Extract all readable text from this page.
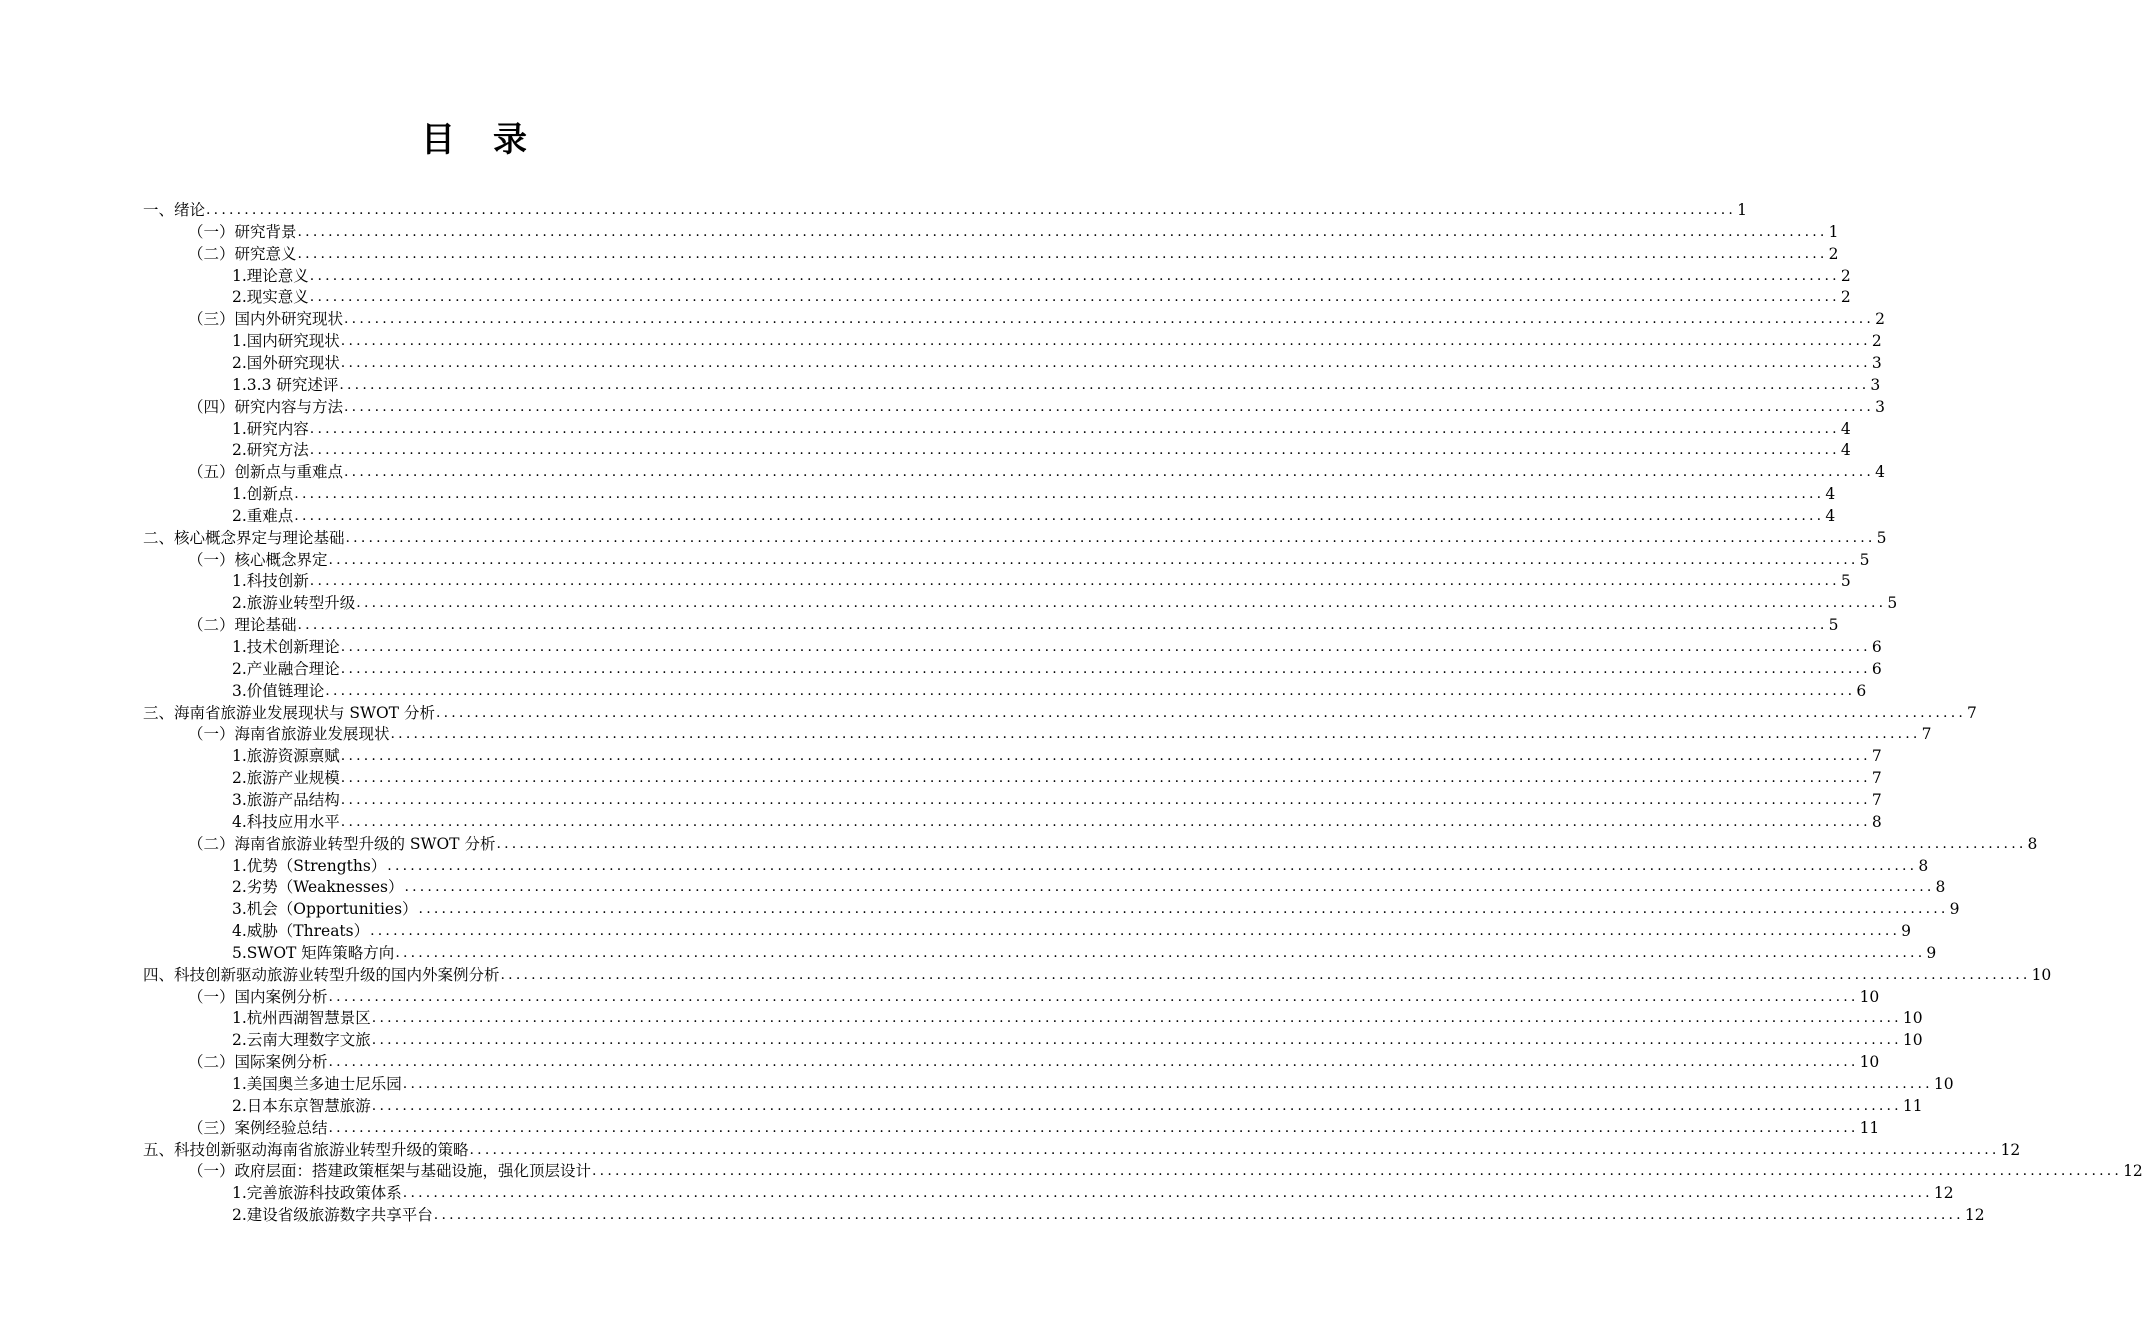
目　录
一、绪论 ........................................................................................................................................................................................................ 1
（一）研究背景 ........................................................................................................................................................................................................ 1
（二）研究意义 ........................................................................................................................................................................................................ 2
1.理论意义 ........................................................................................................................................................................................................ 2
2.现实意义 ........................................................................................................................................................................................................ 2
（三）国内外研究现状 ........................................................................................................................................................................................................ 2
1.国内研究现状 ........................................................................................................................................................................................................ 2
2.国外研究现状 ........................................................................................................................................................................................................ 3
1.3.3 研究述评 ........................................................................................................................................................................................................ 3
（四）研究内容与方法 ........................................................................................................................................................................................................ 3
1.研究内容 ........................................................................................................................................................................................................ 4
2.研究方法 ........................................................................................................................................................................................................ 4
（五）创新点与重难点 ........................................................................................................................................................................................................ 4
1.创新点 ........................................................................................................................................................................................................ 4
2.重难点 ........................................................................................................................................................................................................ 4
二、核心概念界定与理论基础 ........................................................................................................................................................................................................ 5
（一）核心概念界定 ........................................................................................................................................................................................................ 5
1.科技创新 ........................................................................................................................................................................................................ 5
2.旅游业转型升级 ........................................................................................................................................................................................................ 5
（二）理论基础 ........................................................................................................................................................................................................ 5
1.技术创新理论 ........................................................................................................................................................................................................ 6
2.产业融合理论 ........................................................................................................................................................................................................ 6
3.价值链理论 ........................................................................................................................................................................................................ 6
三、海南省旅游业发展现状与 SWOT 分析 ........................................................................................................................................................................................................ 7
（一）海南省旅游业发展现状 ........................................................................................................................................................................................................ 7
1.旅游资源禀赋 ........................................................................................................................................................................................................ 7
2.旅游产业规模 ........................................................................................................................................................................................................ 7
3.旅游产品结构 ........................................................................................................................................................................................................ 7
4.科技应用水平 ........................................................................................................................................................................................................ 8
（二）海南省旅游业转型升级的 SWOT 分析 ........................................................................................................................................................................................................ 8
1.优势（Strengths） ........................................................................................................................................................................................................ 8
2.劣势（Weaknesses） ........................................................................................................................................................................................................ 8
3.机会（Opportunities） ........................................................................................................................................................................................................ 9
4.威胁（Threats） ........................................................................................................................................................................................................ 9
5.SWOT 矩阵策略方向 ........................................................................................................................................................................................................ 9
四、科技创新驱动旅游业转型升级的国内外案例分析 ........................................................................................................................................................................................................ 10
（一）国内案例分析 ........................................................................................................................................................................................................ 10
1.杭州西湖智慧景区 ........................................................................................................................................................................................................ 10
2.云南大理数字文旅 ........................................................................................................................................................................................................ 10
（二）国际案例分析 ........................................................................................................................................................................................................ 10
1.美国奥兰多迪士尼乐园 ........................................................................................................................................................................................................ 10
2.日本东京智慧旅游 ........................................................................................................................................................................................................ 11
（三）案例经验总结 ........................................................................................................................................................................................................ 11
五、科技创新驱动海南省旅游业转型升级的策略 ........................................................................................................................................................................................................ 12
（一）政府层面：搭建政策框架与基础设施，强化顶层设计 ........................................................................................................................................................................................................ 12
1.完善旅游科技政策体系 ........................................................................................................................................................................................................ 12
2.建设省级旅游数字共享平台 ........................................................................................................................................................................................................ 12
